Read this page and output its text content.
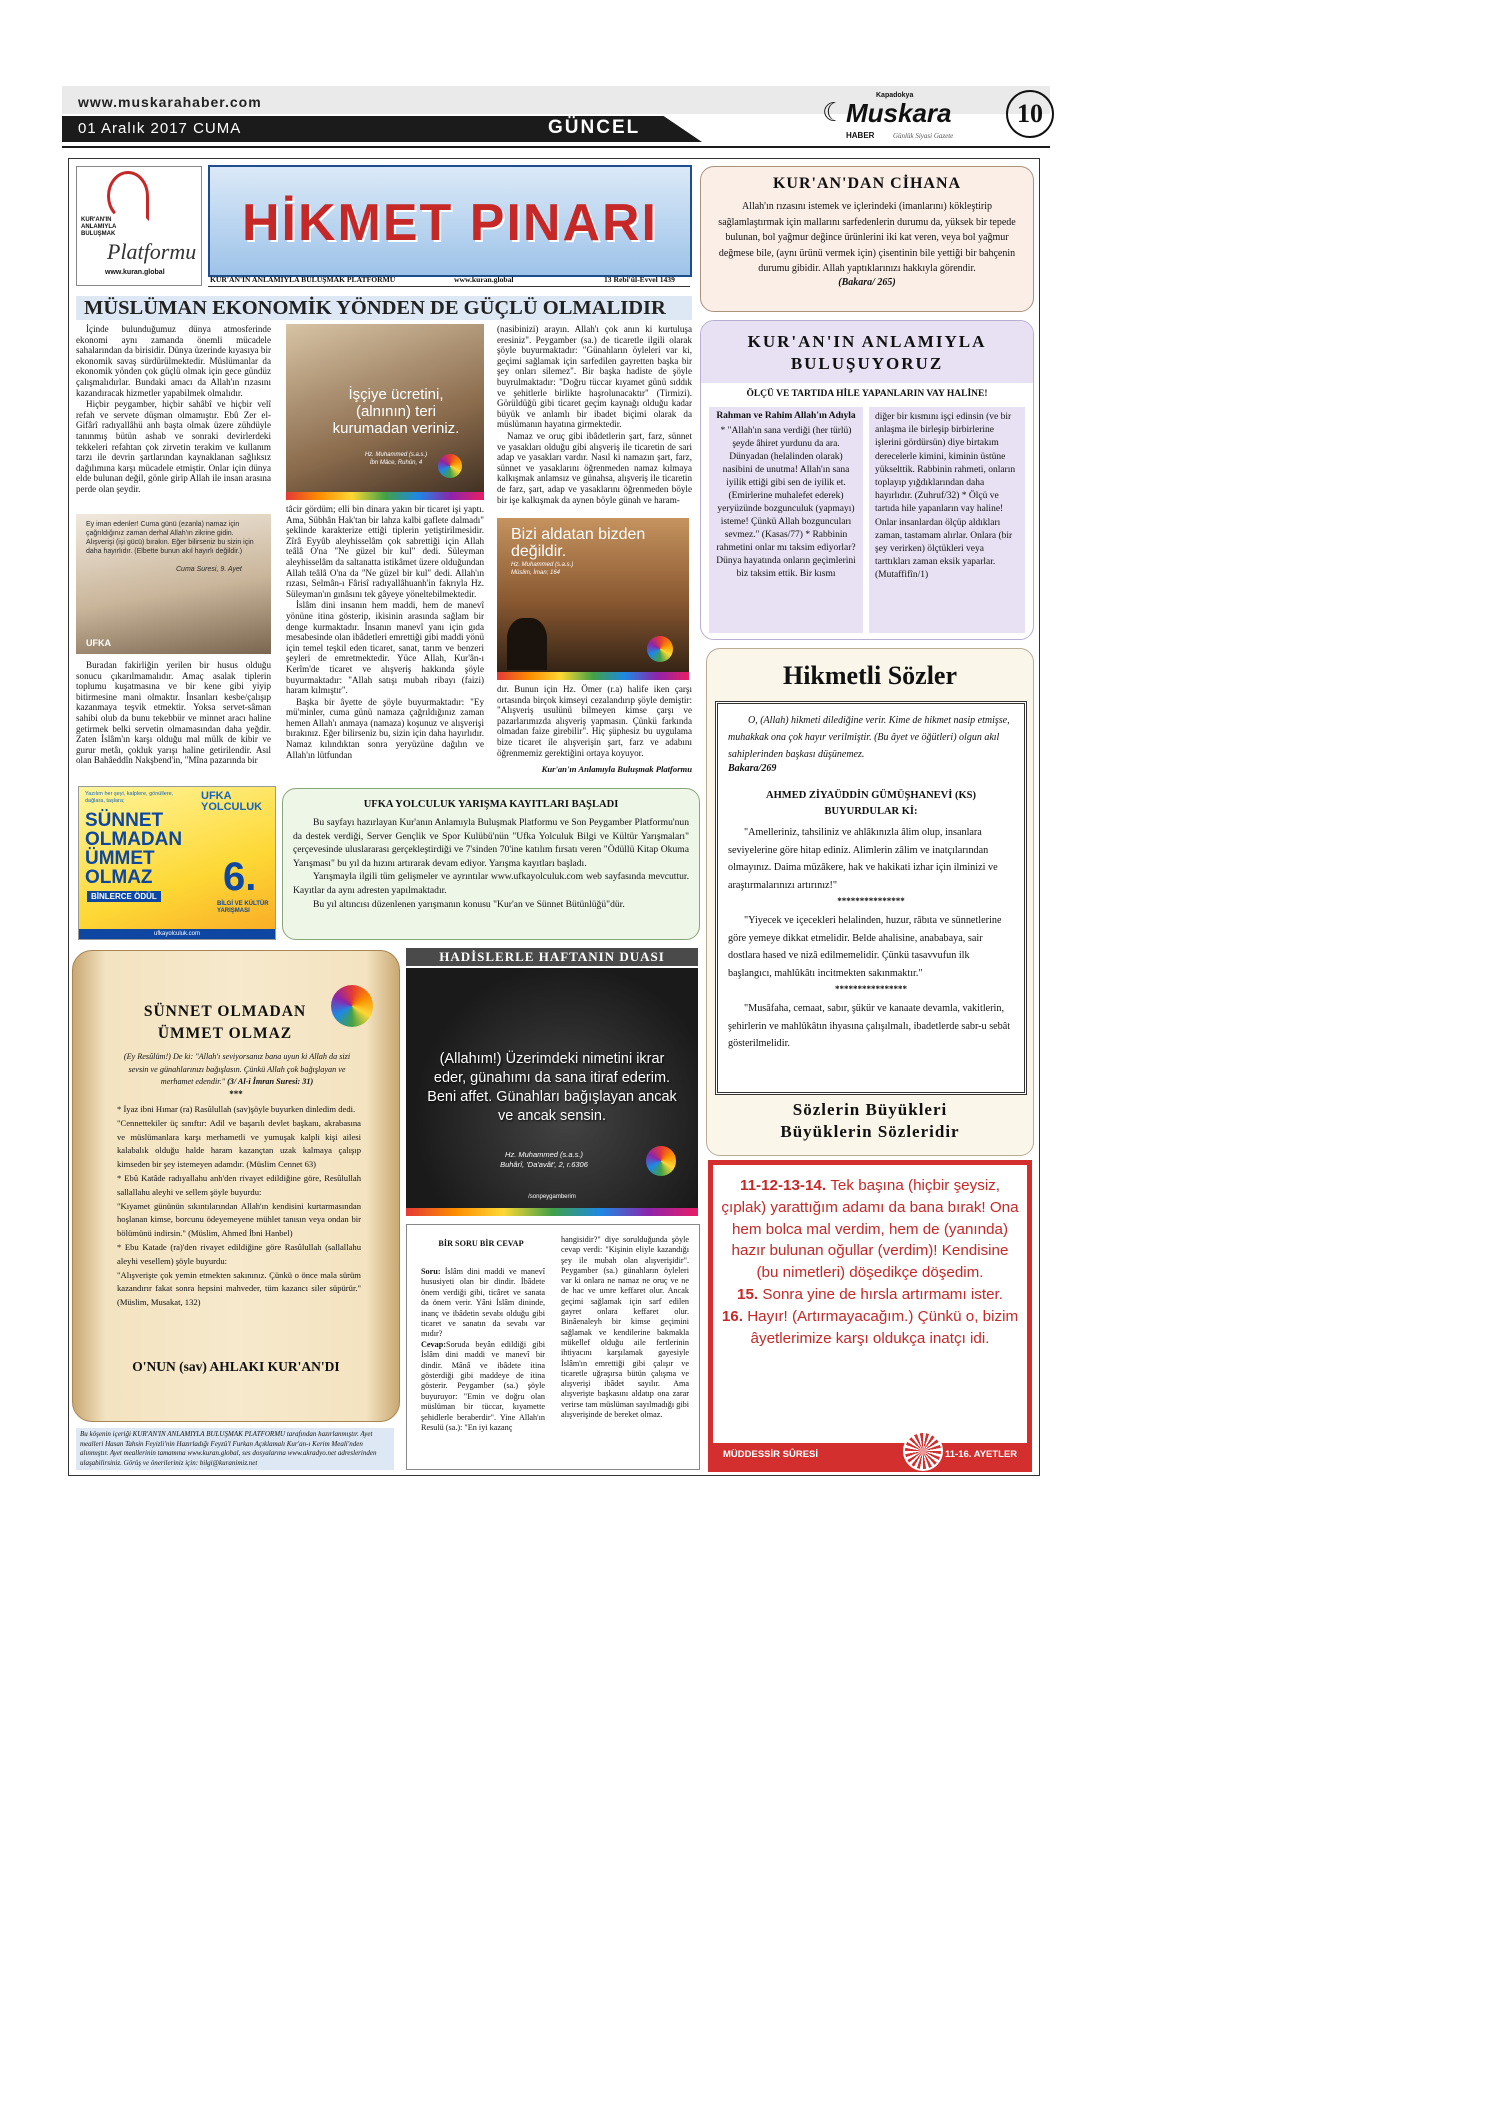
www.muskarahaber.com
01 Aralık 2017 CUMA	GÜNCEL
Kapadokya
☾ Muskara
HABER	Günlük Siyasi Gazete
10
KUR'AN'IN ANLAMIYLA BULUŞMAK
Platformu
www.kuran.global
HİKMET PINARI
KUR'AN'IN ANLAMIYLA BULUŞMAK PLATFORMU	www.kuran.global	13 Rebi'ül-Evvel 1439
MÜSLÜMAN EKONOMİK YÖNDEN DE GÜÇLÜ OLMALIDIR

İçinde bulunduğumuz dünya atmosferinde ekonomi aynı zamanda önemli mücadele sahalarından da birisidir. Dünya üzerinde kıyasıya bir ekonomik savaş sürdürülmektedir. Müslümanlar da ekonomik yönden çok güçlü olmak için gece gündüz çalışmalıdırlar. Bundaki amacı da Allah'ın rızasını kazandıracak hizmetler yapabilmek olmalıdır.

Hiçbir peygamber, hiçbir sahâbî ve hiçbir velî refah ve servete düşman olmamıştır. Ebû Zer el-Gifârî radıyallâhü anh başta olmak üzere zühdüyle tanınmış bütün ashab ve sonraki devirlerdeki tekkeleri refahtan çok zirvetin terakim ve kullanım tarzı ile devrin şartlarından kaynaklanan sağlıksız dağılımına karşı mücadele etmiştir. Onlar için dünya elde bulunan değil, gönle girip Allah ile insan arasına perde olan şeydir.

Ey iman edenler! Cuma günü (ezanla) namaz için çağrıldığınız zaman derhal Allah'ın zikrine gidin. Alışverişi (işi gücü) bırakın. Eğer bilirseniz bu sizin için daha hayırlıdır. (Elbette bunun akıl hayırlı değildir.)
Cuma Suresi, 9. Ayet
UFKA

Buradan fakirliğin yerilen bir husus olduğu sonucu çıkarılmamalıdır. Amaç asalak tiplerin toplumu kuşatmasına ve bir kene gibi yiyip bitirmesine mani olmaktır. İnsanları kesbe/çalışıp kazanmaya teşvik etmektir. Yoksa servet-sâman sahibi olub da bunu tekebbür ve minnet aracı haline getirmek belki servetin olmamasından daha yeğdir. Zaten İslâm'ın karşı olduğu mal mülk de kibir ve gurur metâı, çokluk yarışı haline getirilendir. Asıl olan Bahâeddîn Nakşbend'in, "Mîna pazarında bir

İşçiye ücretini, (alnının) teri kurumadan veriniz.
Hz. Muhammed (s.a.s.)
İbn Mâce, Ruhûn, 4

tâcir gördüm; elli bin dinara yakın bir ticaret işi yaptı. Ama, Sübhân Hak'tan bir lahza kalbi gaflete dalmadı" şeklinde karakterize ettiği tiplerin yetiştirilmesidir. Zîrâ Eyyûb aleyhisselâm çok sabrettiği için Allah teâlâ O'na "Ne güzel bir kul" dedi. Süleyman aleyhisselâm da saltanatta istikâmet üzere olduğundan Allah teâlâ O'na da "Ne güzel bir kul" dedi. Allah'ın rızası, Selmân-ı Fârisî radıyallâhuanh'in fakrıyla Hz. Süleyman'ın gınâsını tek gâyeye yöneltebilmektedir.

İslâm dini insanın hem maddi, hem de manevî yönüne itina gösterip, ikisinin arasında sağlam bir denge kurmaktadır. İnsanın manevî yanı için gıda mesabesinde olan ibâdetleri emrettiği gibi maddi yönü için temel teşkil eden ticaret, sanat, tarım ve benzeri şeyleri de emretmektedir. Yüce Allah, Kur'ân-ı Kerîm'de ticaret ve alışveriş hakkında şöyle buyurmaktadır: "Allah satışı mubah ribayı (faizi) haram kılmıştır".

Başka bir âyette de şöyle buyurmaktadır: "Ey mü'minler, cuma günü namaza çağrıldığınız zaman hemen Allah'ı anmaya (namaza) koşunuz ve alışverişi bırakınız. Eğer bilirseniz bu, sizin için daha hayırlıdır. Namaz kılındıktan sonra yeryüzüne dağılın ve Allah'ın lütfundan

(nasibinizi) arayın. Allah'ı çok anın ki kurtuluşa eresiniz". Peygamber (sa.) de ticaretle ilgili olarak şöyle buyurmaktadır: "Günahların öyleleri var ki, geçimi sağlamak için sarfedilen gayretten başka bir şey onları silemez". Bir başka hadiste de şöyle buyrulmaktadır: "Doğru tüccar kıyamet günü sıddık ve şehitlerle birlikte haşrolunacaktır" (Tirmizi). Görüldüğü gibi ticaret geçim kaynağı olduğu kadar büyük ve anlamlı bir ibadet biçimi olarak da müslümanın hayatına girmektedir.

Namaz ve oruç gibi ibâdetlerin şart, farz, sünnet ve yasakları olduğu gibi alışveriş ile ticaretin de sari adap ve yasakları vardır. Nasıl ki namazın şart, farz, sünnet ve yasaklarını öğrenmeden namaz kılmaya kalkışmak anlamsız ve günahsa, alışveriş ile ticaretin de farz, şart, adap ve yasaklarını öğrenmeden böyle bir işe kalkışmak da aynen böyle günah ve haram-

Bizi aldatan bizden değildir.
Hz. Muhammed (s.a.s.)
Müslim, İman; 164

dır. Bunun için Hz. Ömer (r.a) halife iken çarşı ortasında birçok kimseyi cezalandırıp şöyle demiştir: "Alışveriş usulünü bilmeyen kimse çarşı ve pazarlarımızda alışveriş yapmasın. Çünkü farkında olmadan faize girebilir". Hiç şüphesiz bu uygulama bize ticaret ile alışverişin şart, farz ve adabını öğrenmemiz gerektiğini ortaya koyuyor.

Kur'an'ın Anlamıyla Buluşmak Platformu
KUR'AN'DAN CİHANA
Allah'ın rızasını istemek ve içlerindeki (imanlarını) kökleştirip sağlamlaştırmak için mallarını sarfedenlerin durumu da, yüksek bir tepede bulunan, bol yağmur değince ürünlerini iki kat veren, veya bol yağmur değmese bile, (aynı ürünü vermek için) çisentinin bile yettiği bir bahçenin durumu gibidir. Allah yaptıklarınızı hakkıyla görendir.
(Bakara/ 265)
KUR'AN'IN ANLAMIYLA BULUŞUYORUZ
ÖLÇÜ VE TARTIDA HİLE YAPANLARIN VAY HALİNE!
Rahman ve Rahim Allah'ın Adıyla
* "Allah'ın sana verdiği (her türlü) şeyde âhiret yurdunu da ara. Dünyadan (helalinden olarak) nasibini de unutma! Allah'ın sana iyilik ettiği gibi sen de iyilik et. (Emirlerine muhalefet ederek) yeryüzünde bozgunculuk (yapmayı) isteme! Çünkü Allah bozguncuları sevmez." (Kasas/77) * Rabbinin rahmetini onlar mı taksim ediyorlar? Dünya hayatında onların geçimlerini biz taksim ettik. Bir kısmı
diğer bir kısmını işçi edinsin (ve bir anlaşma ile birleşip birbirlerine işlerini gördürsün) diye birtakım derecelerle kimini, kiminin üstüne yükselttik. Rabbinin rahmeti, onların toplayıp yığdıklarından daha hayırlıdır. (Zuhruf/32) * Ölçü ve tartıda hile yapanların vay haline! Onlar insanlardan ölçüp aldıkları zaman, tastamam alırlar. Onlara (bir şey verirken) ölçtükleri veya tarttıkları zaman eksik yaparlar. (Mutaffifîn/1)
Hikmetli Sözler
O, (Allah) hikmeti dilediğine verir. Kime de hikmet nasip etmişse, muhakkak ona çok hayır verilmiştir. (Bu âyet ve öğütleri) olgun akıl sahiplerinden başkası düşünemez.
Bakara/269
AHMED ZİYAÜDDİN GÜMÜŞHANEVİ (KS) BUYURDULAR Kİ:
"Amelleriniz, tahsiliniz ve ahlâkınızla âlim olup, insanlara seviyelerine göre hitap ediniz. Alimlerin zâlim ve inatçılarından olmayınız. Daima müzâkere, hak ve hakikati izhar için ilminizi ve araştırmalarınızı artırınız!"
***************
"Yiyecek ve içecekleri helalinden, huzur, râbıta ve sünnetlerine göre yemeye dikkat etmelidir. Belde ahalisine, anababaya, sair dostlara hased ve nizâ edilmemelidir. Çünkü tasavvufun ilk başlangıcı, mahlûkâtı incitmekten sakınmaktır."
****************
"Musâfaha, cemaat, sabır, şükür ve kanaate devamla, vakitlerin, şehirlerin ve mahlûkâtın ihyasına çalışılmalı, ibadetlerde sabr-u sebât gösterilmelidir.
Sözlerin Büyükleri
Büyüklerin Sözleridir
Yazılım her şeyi, kalplere, gönüllere, dağlara, taşlara;	UFKA YOLCULUK
SÜNNET
OLMADAN
ÜMMET
OLMAZ
BİNLERCE ÖDÜL 6.
BİLGİ VE KÜLTÜR YARIŞMASI
ufkayolculuk.com
UFKA YOLCULUK YARIŞMA KAYITLARI BAŞLADI
Bu sayfayı hazırlayan Kur'anın Anlamıyla Buluşmak Platformu ve Son Peygamber Platformu'nun da destek verdiği, Server Gençlik ve Spor Kulübü'nün "Ufka Yolculuk Bilgi ve Kültür Yarışmaları" çerçevesinde uluslararası gerçekleştirdiği ve 7'sinden 70'ine katılım fırsatı veren "Ödüllü Kitap Okuma Yarışması" bu yıl da hızını artırarak devam ediyor. Yarışma kayıtları başladı.
Yarışmayla ilgili tüm gelişmeler ve ayrıntılar www.ufkayolculuk.com web sayfasında mevcuttur. Kayıtlar da aynı adresten yapılmaktadır.
Bu yıl altıncısı düzenlenen yarışmanın konusu "Kur'an ve Sünnet Bütünlüğü"dür.
SÜNNET OLMADAN
ÜMMET OLMAZ
(Ey Resûlüm!) De ki: "Allah'ı seviyorsanız bana uyun ki Allah da sizi sevsin ve günahlarınızı bağışlasın. Çünkü Allah çok bağışlayan ve merhamet edendir." (3/ Al-i İmran Suresi: 31)
***
* İyaz ibni Hımar (ra) Rasûlullah (sav)şöyle buyurken dinledim dedi.
"Cennettekiler üç sınıftır: Adil ve başarılı devlet başkanı, akrabasına ve müslümanlara karşı merhametli ve yumuşak kalpli kişi ailesi kalabalık olduğu halde haram kazançtan uzak kalmaya çalışıp kimseden bir şey istemeyen adamdır. (Müslim Cennet 63)
* Ebû Katâde radıyallahu anh'den rivayet edildiğine göre, Resûlullah sallallahu aleyhi ve sellem şöyle buyurdu:
"Kıyamet gününün sıkıntılarından Allah'ın kendisini kurtarmasından hoşlanan kimse, borcunu ödeyemeyene mühlet tanısın veya ondan bir bölümünü indirsin." (Müslim, Ahmed İbni Hanbel)
* Ebu Katade (ra)'den rivayet edildiğine göre Rasûlullah (sallallahu aleyhi vesellem) şöyle buyurdu:
"Alışverişte çok yemin etmekten sakınınız. Çünkü o önce mala sürüm kazandırır fakat sonra hepsini mahveder, tüm kazancı siler süpürür." (Müslim, Musakat, 132)
O'NUN (sav) AHLAKI KUR'AN'DI
Bu köşenin içeriği KUR'AN'IN ANLAMIYLA BULUŞMAK PLATFORMU tarafından hazırlanmıştır. Ayet mealleri Hasan Tahsin Feyizli'nin Hazırladığı Feyzü'l Furkan Açıklamalı Kur'an-ı Kerim Meali'nden alınmıştır. Ayet meallerinin tamamına www.kuran.global, ses dosyalarına www.akradyo.net adreslerinden ulaşabilirsiniz. Görüş ve önerileriniz için: bilgi@kuranimiz.net
HADİSLERLE HAFTANIN DUASI
(Allahım!) Üzerimdeki nimetini ikrar eder, günahımı da sana itiraf ederim. Beni affet. Günahları bağışlayan ancak ve ancak sensin.
Hz. Muhammed (s.a.s.)
Buhârî, 'Da'avât', 2, r.6306
/sonpeygamberim
BİR SORU BİR CEVAP
Soru: İslâm dini maddi ve manevî hususiyeti olan bir dindir. İbâdete önem verdiği gibi, ticâret ve sanata da önem verir. Yâni İslâm dininde, inanç ve ibâdetin sevabı olduğu gibi ticaret ve sanatın da sevabı var mıdır?
Cevap:Soruda beyân edildiği gibi İslâm dini maddi ve manevî bir dindir. Mânâ ve ibâdete itina gösterdiği gibi maddeye de itina gösterir. Peygamber (sa.) şöyle buyuruyor: "Emin ve doğru olan müslüman bir tüccar, kıyamette şehidlerle beraberdir". Yine Allah'ın Resulü (sa.): "En iyi kazanç
hangisidir?" diye sorulduğunda şöyle cevap verdi: "Kişinin eliyle kazandığı şey ile mubah olan alışverişidir". Peygamber (sa.) günahların öyleleri var ki onlara ne namaz ne oruç ve ne de hac ve umre keffaret olur. Ancak geçimi sağlamak için sarf edilen gayret onlara keffaret olur. Binâenaleyh bir kimse geçimini sağlamak ve kendilerine bakmakla mükellef olduğu aile fertlerinin ihtiyacını karşılamak gayesiyle İslâm'ın emrettiği gibi çalışır ve ticaretle uğraşırsa bütün çalışma ve alışverişi ibâdet sayılır. Ama alışverişte başkasını aldatıp ona zarar verirse tam müslüman sayılmadığı gibi alışverişinde de bereket olmaz.
11-12-13-14. Tek başına (hiçbir şeysiz, çıplak) yarattığım adamı da bana bırak! Ona hem bolca mal verdim, hem de (yanında) hazır bulunan oğullar (verdim)! Kendisine (bu nimetleri) döşedikçe döşedim.
15. Sonra yine de hırsla artırmamı ister.
16. Hayır! (Artırmayacağım.) Çünkü o, bizim âyetlerimize karşı oldukça inatçı idi.
MÜDDESSİR SÛRESİ	11-16. AYETLER
